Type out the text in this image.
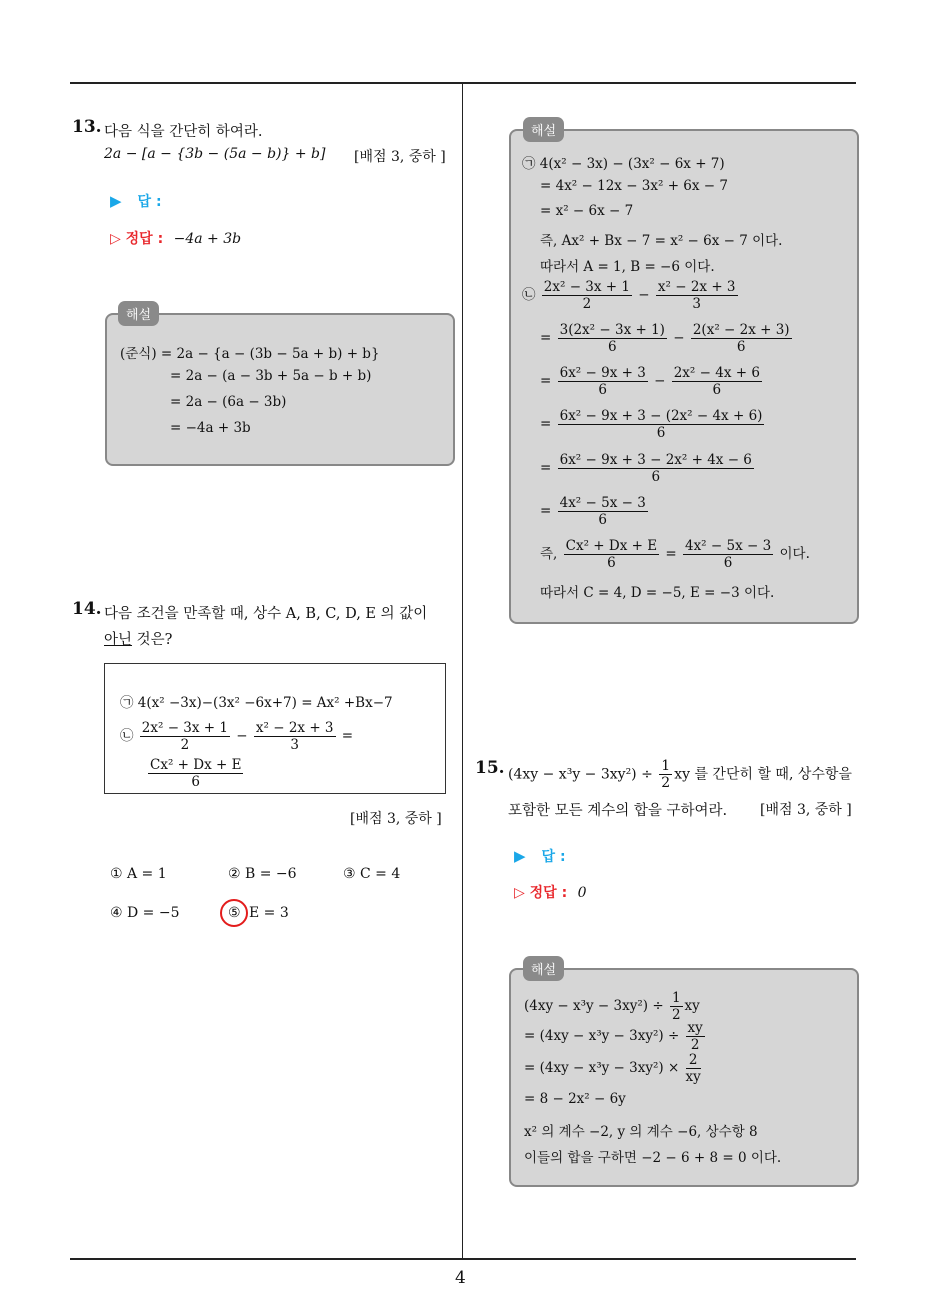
4
13. 다음 식을 간단히 하여라.
2a − [a − {3b − (5a − b)} + b] [배점 3, 중하 ]
▶ 답 :
▷ 정답 : −4a + 3b
해설
(준식) = 2a − {a − (3b − 5a + b) + b}
= 2a − (a − 3b + 5a − b + b)
= 2a − (6a − 3b)
= −4a + 3b
14. 다음 조건을 만족할 때, 상수 A, B, C, D, E 의 값이
아닌 것은?
㉠ 4(x² −3x)−(3x² −6x+7) = Ax² +Bx−7
㉡ $\frac{\text{2x² − 3x + 1}}{2} - \frac{\text{x² − 2x + 3}}{3}$ =
$\frac{\text{Cx² + Dx + E}}{6}$
[배점 3, 중하 ]
① A = 1	② B = −6	③ C = 4
④ D = −5	⑤ E = 3
해설
㉠ 4(x² − 3x) − (3x² − 6x + 7)
= 4x² − 12x − 3x² + 6x − 7
= x² − 6x − 7
즉, Ax² + Bx − 7 = x² − 6x − 7 이다.
따라서 A = 1, B = −6 이다.
㉡ $\frac{\text{2x² − 3x + 1}}{2} - \frac{\text{x² − 2x + 3}}{3}$
= $\frac{\text{3(2x² − 3x + 1)}}{6} - \frac{\text{2(x² − 2x + 3)}}{6}$
= $\frac{\text{6x² − 9x + 3}}{6} - \frac{\text{2x² − 4x + 6}}{6}$
= $\frac{\text{6x² − 9x + 3 − (2x² − 4x + 6)}}{6}$
= $\frac{\text{6x² − 9x + 3 − 2x² + 4x − 6}}{6}$
= $\frac{\text{4x² − 5x − 3}}{6}$
즉, $\frac{\text{Cx² + Dx + E}}{6} = \frac{\text{4x² − 5x − 3}}{6}$ 이다.
따라서 C = 4, D = −5, E = −3 이다.
15. $(4xy - x^3y - 3xy^2) \div \frac{1}{2}$ xy 를 간단히 할 때, 상수항을
포함한 모든 계수의 합을 구하여라. [배점 3, 중하 ]
▶ 답 :
▷ 정답 : 0
해설
$(4xy - x^3y - 3xy^2) \div \frac{1}{2}$ xy
= $(4xy - x^3y - 3xy^2) \div \frac{xy}{2}$
= $(4xy - x^3y - 3xy^2) \times \frac{2}{xy}$
= 8 − 2x² − 6y
x² 의 계수 −2, y 의 계수 −6, 상수항 8
이들의 합을 구하면 −2 − 6 + 8 = 0 이다.
